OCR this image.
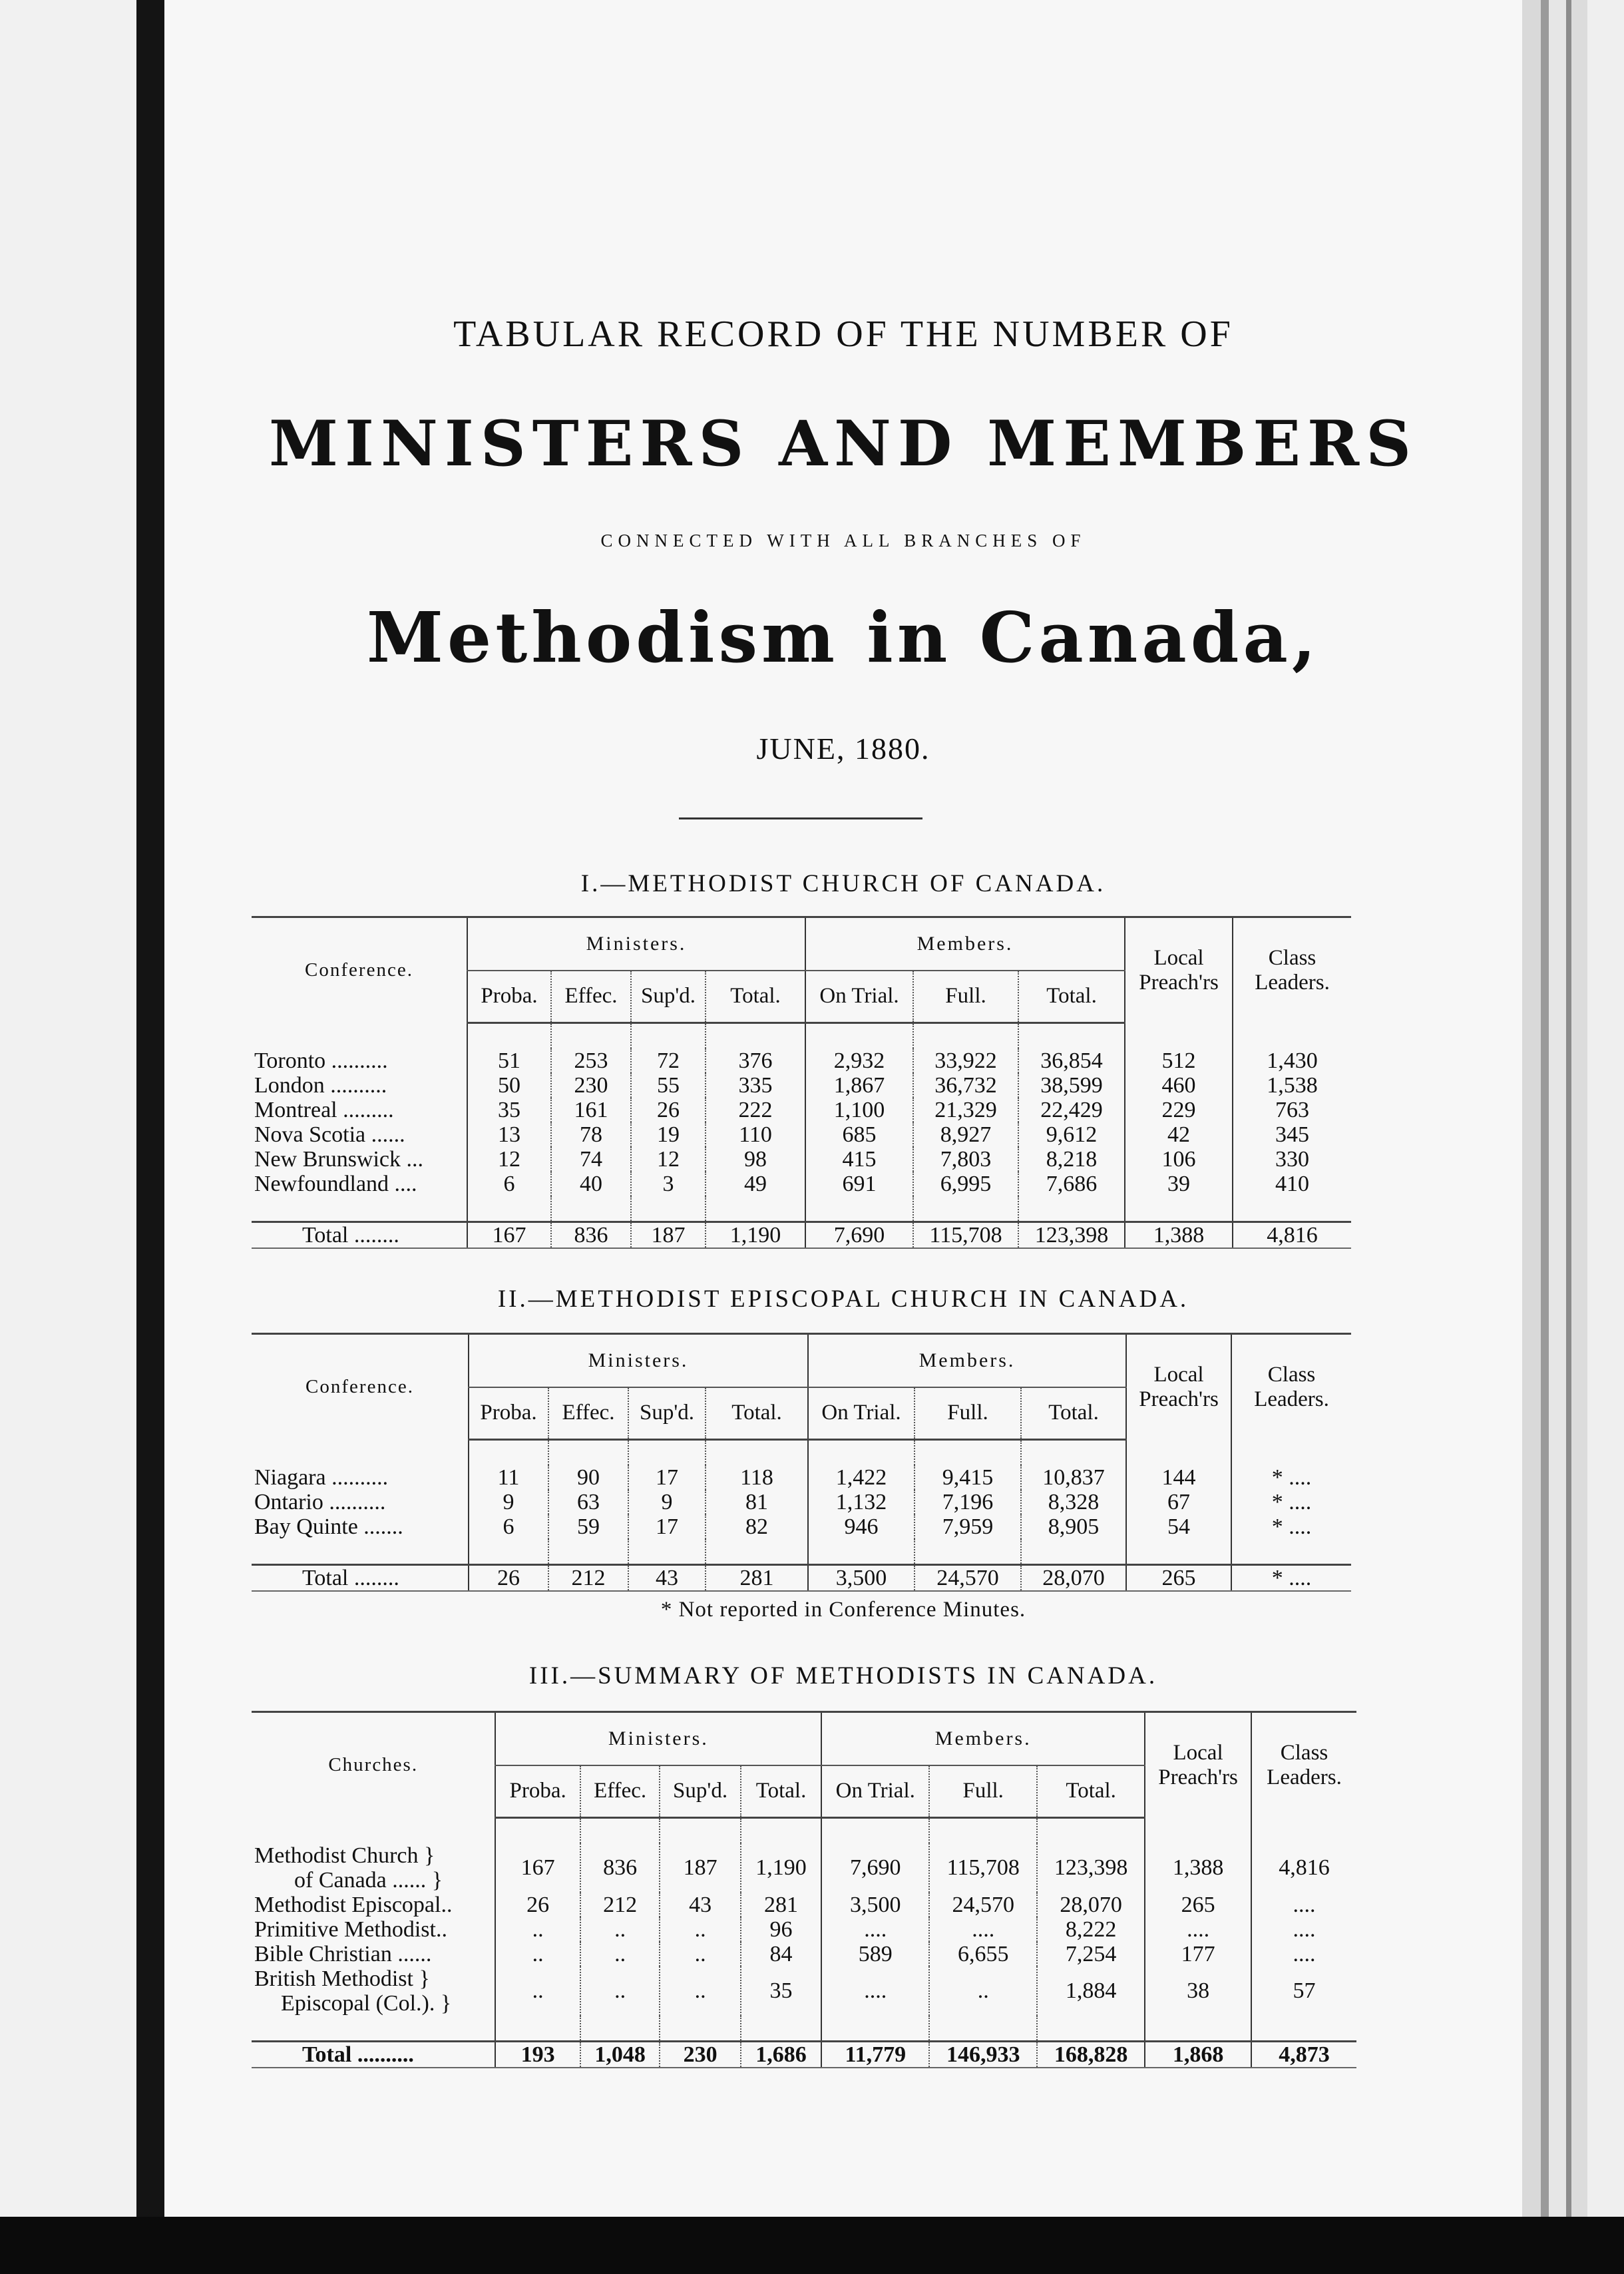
TABULAR RECORD OF THE NUMBER OF
MINISTERS AND MEMBERS
CONNECTED WITH ALL BRANCHES OF
Methodism in Canada,
JUNE, 1880.
I.—METHODIST CHURCH OF CANADA.
Conference.	Ministers.				Members.			Local Preach'rs	Class Leaders.
	Proba.	Effec.	Sup'd.	Total.	On Trial.	Full.	Total.		

Toronto ..........	51	253	72	376	2,932	33,922	36,854	512	1,430
London ..........	50	230	55	335	1,867	36,732	38,599	460	1,538
Montreal .........	35	161	26	222	1,100	21,329	22,429	229	763
Nova Scotia ......	13	78	19	110	685	8,927	9,612	42	345
New Brunswick ...	12	74	12	98	415	7,803	8,218	106	330
Newfoundland ....	6	40	3	49	691	6,995	7,686	39	410

Total ........	167	836	187	1,190	7,690	115,708	123,398	1,388	4,816
II.—METHODIST EPISCOPAL CHURCH IN CANADA.
Conference.	Ministers.				Members.			Local Preach'rs	Class Leaders.
	Proba.	Effec.	Sup'd.	Total.	On Trial.	Full.	Total.		

Niagara ..........	11	90	17	118	1,422	9,415	10,837	144	* ....
Ontario ..........	9	63	9	81	1,132	7,196	8,328	67	* ....
Bay Quinte .......	6	59	17	82	946	7,959	8,905	54	* ....

Total ........	26	212	43	281	3,500	24,570	28,070	265	* ....
* Not reported in Conference Minutes.
III.—SUMMARY OF METHODISTS IN CANADA.
Churches.	Ministers.				Members.			Local Preach'rs	Class Leaders.
	Proba.	Effec.	Sup'd.	Total.	On Trial.	Full.	Total.		

Methodist Church }
of Canada ...... }	167	836	187	1,190	7,690	115,708	123,398	1,388	4,816
Methodist Episcopal..	26	212	43	281	3,500	24,570	28,070	265	....
Primitive Methodist..	..	..	..	96	....	....	8,222	....	....
Bible Christian ......	..	..	..	84	589	6,655	7,254	177	....

British Methodist }
Episcopal (Col.). }	..	..	..	35	....	..	1,884	38	57

Total ..........	193	1,048	230	1,686	11,779	146,933	168,828	1,868	4,873
